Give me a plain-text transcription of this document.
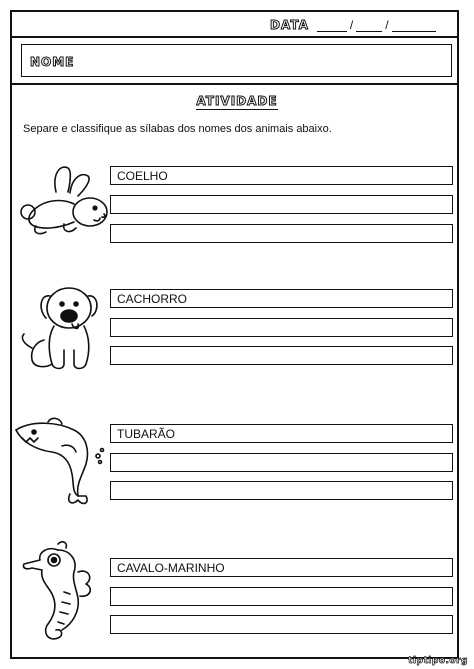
DATA	/	/
NOME
ATIVIDADE
Separe e classifique as sílabas dos nomes dos animais abaixo.
COELHO
CACHORRO
TUBARÃO
CAVALO-MARINHO
tiptipo.org
